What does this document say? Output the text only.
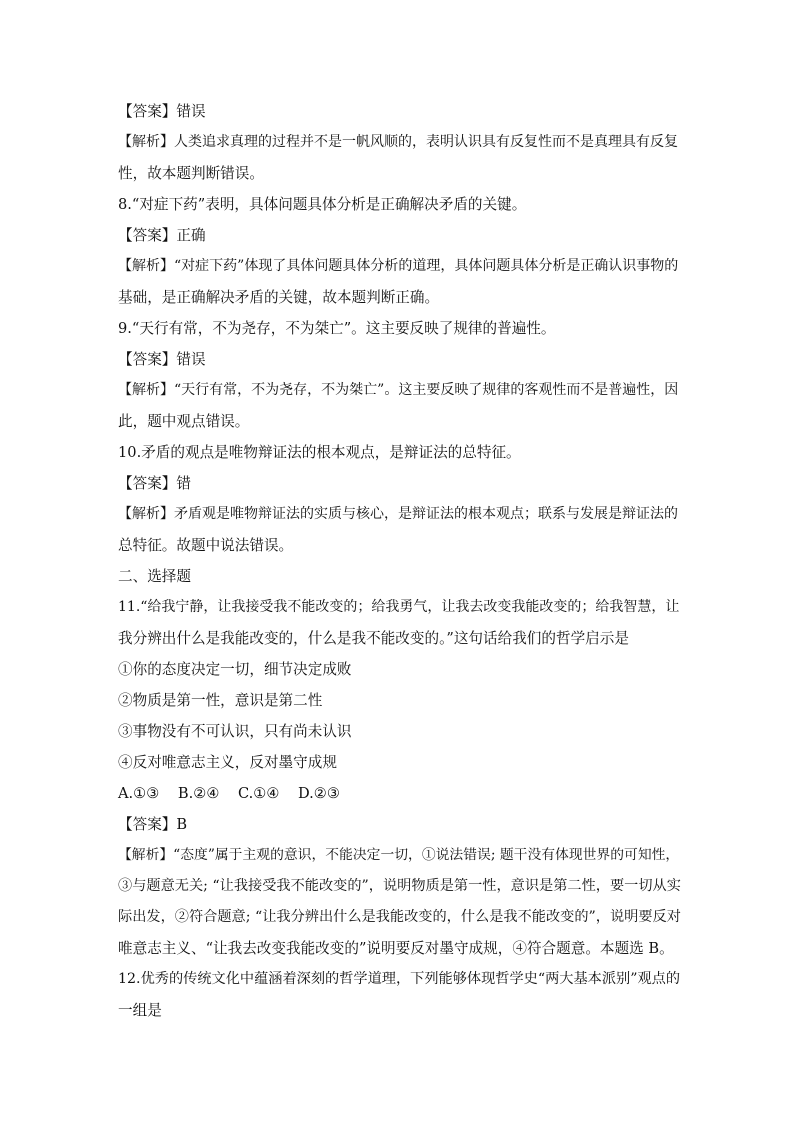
【答案】错误

【解析】人类追求真理的过程并不是一帆风顺的，表明认识具有反复性而不是真理具有反复

性，故本题判断错误。

8.“对症下药”表明，具体问题具体分析是正确解决矛盾的关键。

【答案】正确

【解析】“对症下药”体现了具体问题具体分析的道理，具体问题具体分析是正确认识事物的

基础，是正确解决矛盾的关键，故本题判断正确。

9.“天行有常，不为尧存，不为桀亡”。这主要反映了规律的普遍性。

【答案】错误

【解析】“天行有常，不为尧存，不为桀亡”。这主要反映了规律的客观性而不是普遍性，因

此，题中观点错误。

10.矛盾的观点是唯物辩证法的根本观点，是辩证法的总特征。

【答案】错

【解析】矛盾观是唯物辩证法的实质与核心，是辩证法的根本观点；联系与发展是辩证法的

总特征。故题中说法错误。

二、选择题

11.“给我宁静，让我接受我不能改变的；给我勇气，让我去改变我能改变的；给我智慧，让

我分辨出什么是我能改变的，什么是我不能改变的。”这句话给我们的哲学启示是

①你的态度决定一切，细节决定成败

②物质是第一性，意识是第二性

③事物没有不可认识，只有尚未认识

④反对唯意志主义，反对墨守成规

A.①③    B.②④    C.①④    D.②③

【答案】B

【解析】“态度”属于主观的意识，不能决定一切，①说法错误; 题干没有体现世界的可知性，

③与题意无关; “让我接受我不能改变的”，说明物质是第一性，意识是第二性，要一切从实

际出发，②符合题意; “让我分辨出什么是我能改变的，什么是我不能改变的”，说明要反对

唯意志主义、“让我去改变我能改变的”说明要反对墨守成规，④符合题意。本题选 B。

12.优秀的传统文化中蕴涵着深刻的哲学道理，下列能够体现哲学史“两大基本派别”观点的

一组是
